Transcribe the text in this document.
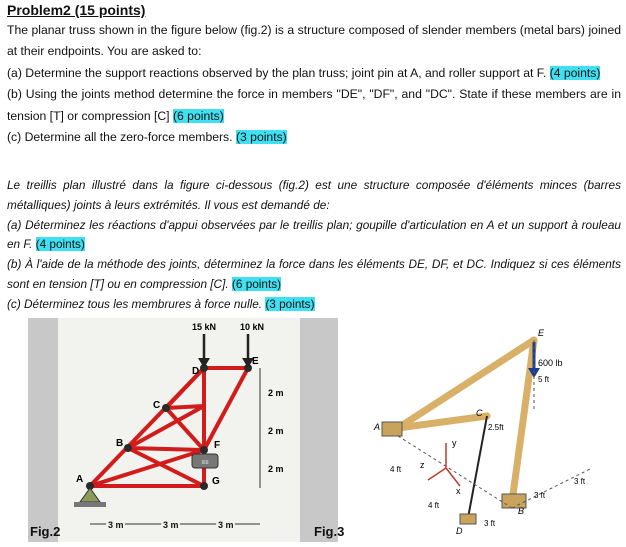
Problem2 (15 points)
The planar truss shown in the figure below (fig.2) is a structure composed of slender members (metal bars) joined at their endpoints. You are asked to:
(a) Determine the support reactions observed by the plan truss; joint pin at A, and roller support at F. (4 points)
(b) Using the joints method determine the force in members "DE", "DF", and "DC". State if these members are in tension [T] or compression [C] (6 points)
(c) Determine all the zero-force members. (3 points)
Le treillis plan illustré dans la figure ci-dessous (fig.2) est une structure composée d'éléments minces (barres métalliques) joints à leurs extrémités. Il vous est demandé de:
(a) Déterminez les réactions d'appui observées par le treillis plan; goupille d'articulation en A et un support à rouleau en F. (4 points)
(b) À l'aide de la méthode des joints, déterminez la force dans les éléments DE, DF, et DC. Indiquez si ces éléments sont en tension [T] ou en compression [C]. (6 points)
(c) Déterminez tous les membrures à force nulle. (3 points)
≡≡
15 kN	10 kN
A
B
C
D
E
F
G
2 m
2 m
2 m
3 m	3 m	3 m
Fig.2
600 lb
y
z
x
A
B
C
D
E
5 ft
2.5ft
4 ft
4 ft
3 ft
3 ft
3 ft
Fig.3
